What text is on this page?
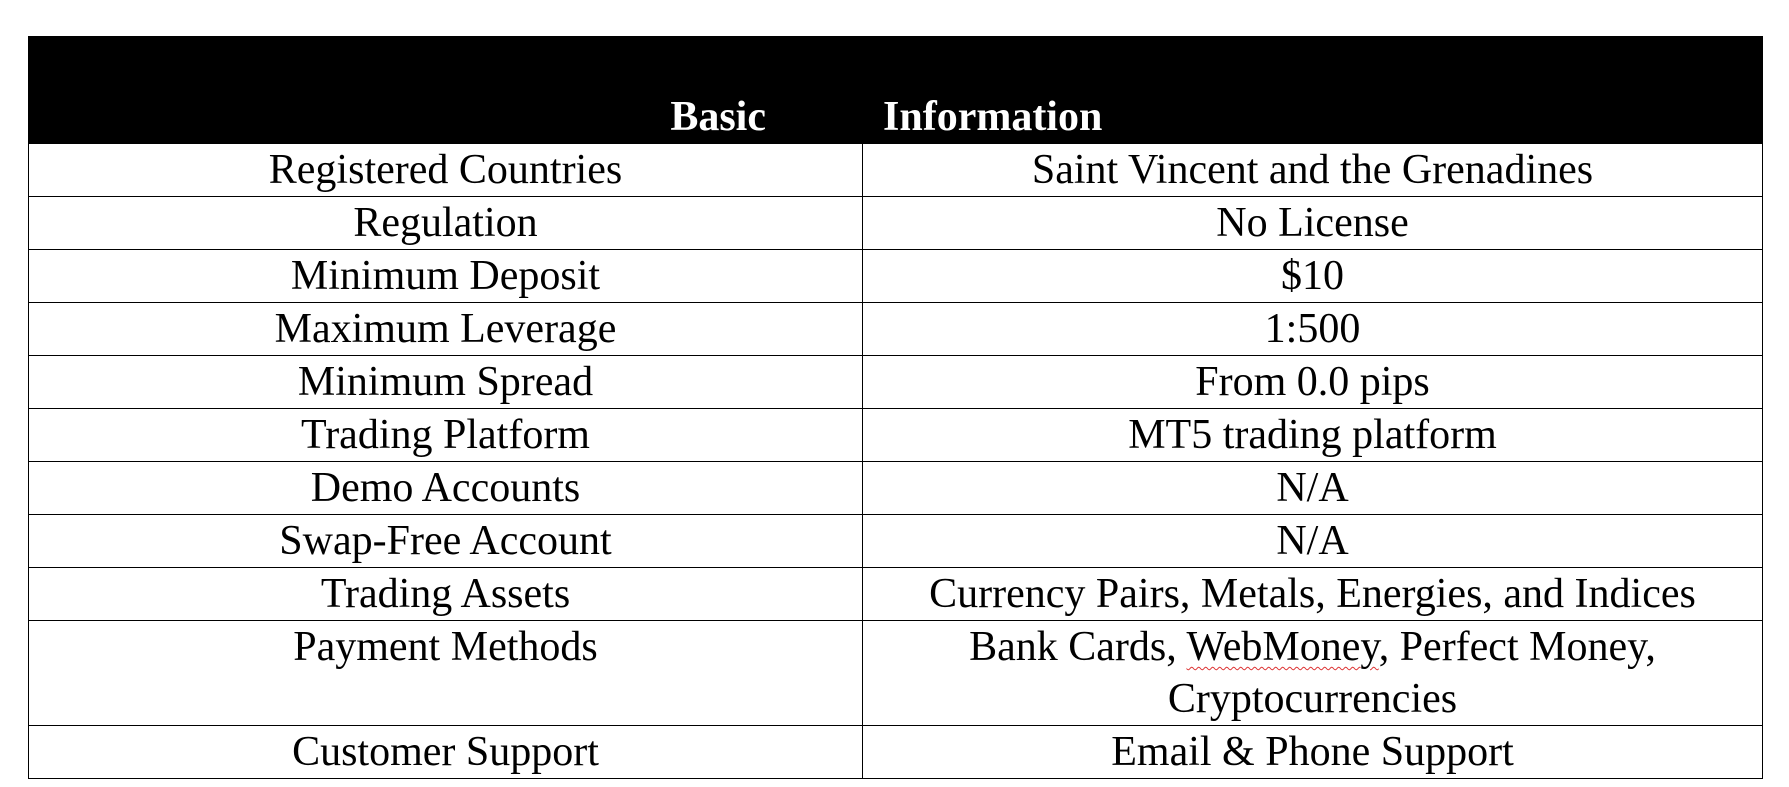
Basic	Information
Registered Countries	Saint Vincent and the Grenadines
Regulation	No License
Minimum Deposit	$10
Maximum Leverage	1:500
Minimum Spread	From 0.0 pips
Trading Platform	MT5 trading platform
Demo Accounts	N/A
Swap-Free Account	N/A
Trading Assets	Currency Pairs, Metals, Energies, and Indices
Payment Methods	Bank Cards, WebMoney, Perfect Money, Cryptocurrencies
Customer Support	Email & Phone Support
